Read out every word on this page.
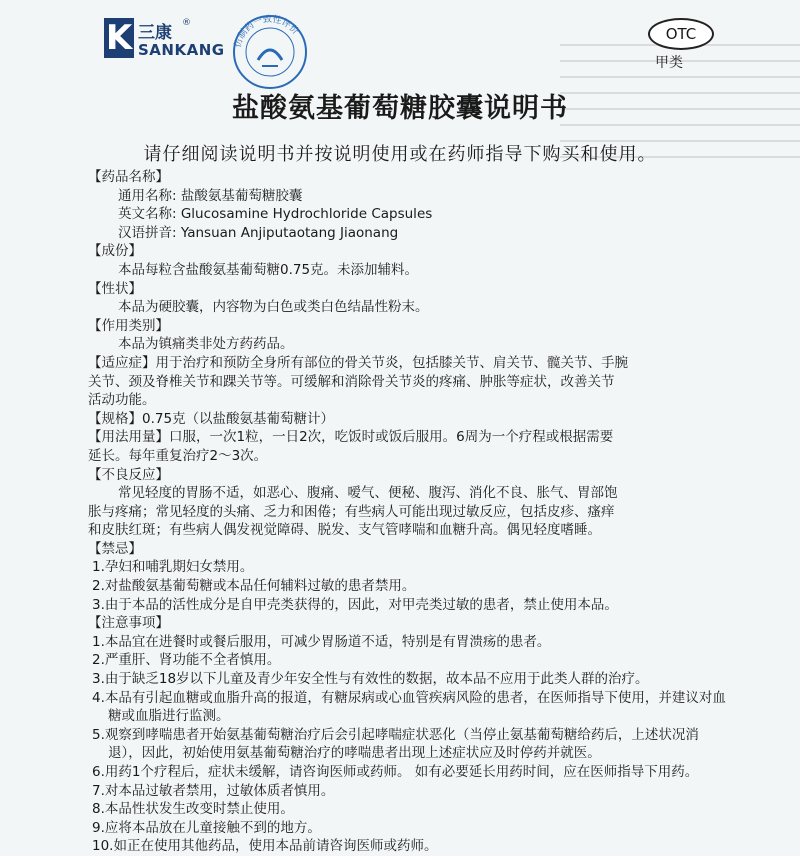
K 三康 ®
SANKANG 仿制药一致性评价	OTC
甲类
盐酸氨基葡萄糖胶囊说明书
请仔细阅读说明书并按说明使用或在药师指导下购买和使用。

【药品名称】

通用名称: 盐酸氨基葡萄糖胶囊

英文名称: Glucosamine Hydrochloride Capsules

汉语拼音: Yansuan Anjiputaotang Jiaonang

【成份】

本品每粒含盐酸氨基葡萄糖0.75克。未添加辅料。

【性状】

本品为硬胶囊，内容物为白色或类白色结晶性粉末。

【作用类别】

本品为镇痛类非处方药药品。

【适应症】用于治疗和预防全身所有部位的骨关节炎，包括膝关节、肩关节、髋关节、手腕

关节、颈及脊椎关节和踝关节等。可缓解和消除骨关节炎的疼痛、肿胀等症状，改善关节

活动功能。

【规格】0.75克（以盐酸氨基葡萄糖计）

【用法用量】口服，一次1粒，一日2次，吃饭时或饭后服用。6周为一个疗程或根据需要

延长。每年重复治疗2～3次。

【不良反应】

常见轻度的胃肠不适，如恶心、腹痛、嗳气、便秘、腹泻、消化不良、胀气、胃部饱

胀与疼痛；常见轻度的头痛、乏力和困倦；有些病人可能出现过敏反应，包括皮疹、瘙痒

和皮肤红斑；有些病人偶发视觉障碍、脱发、支气管哮喘和血糖升高。偶见轻度嗜睡。

【禁忌】

1.孕妇和哺乳期妇女禁用。

2.对盐酸氨基葡萄糖或本品任何辅料过敏的患者禁用。

3.由于本品的活性成分是自甲壳类获得的，因此，对甲壳类过敏的患者，禁止使用本品。

【注意事项】

1.本品宜在进餐时或餐后服用，可减少胃肠道不适，特别是有胃溃疡的患者。

2.严重肝、肾功能不全者慎用。

3.由于缺乏18岁以下儿童及青少年安全性与有效性的数据，故本品不应用于此类人群的治疗。

4.本品有引起血糖或血脂升高的报道，有糖尿病或心血管疾病风险的患者，在医师指导下使用，并建议对血糖或血脂进行监测。

5.观察到哮喘患者开始氨基葡萄糖治疗后会引起哮喘症状恶化（当停止氨基葡萄糖给药后，上述状况消退），因此，初始使用氨基葡萄糖治疗的哮喘患者出现上述症状应及时停药并就医。

6.用药1个疗程后，症状未缓解，请咨询医师或药师。 如有必要延长用药时间，应在医师指导下用药。

7.对本品过敏者禁用，过敏体质者慎用。

8.本品性状发生改变时禁止使用。

9.应将本品放在儿童接触不到的地方。

10.如正在使用其他药品，使用本品前请咨询医师或药师。
